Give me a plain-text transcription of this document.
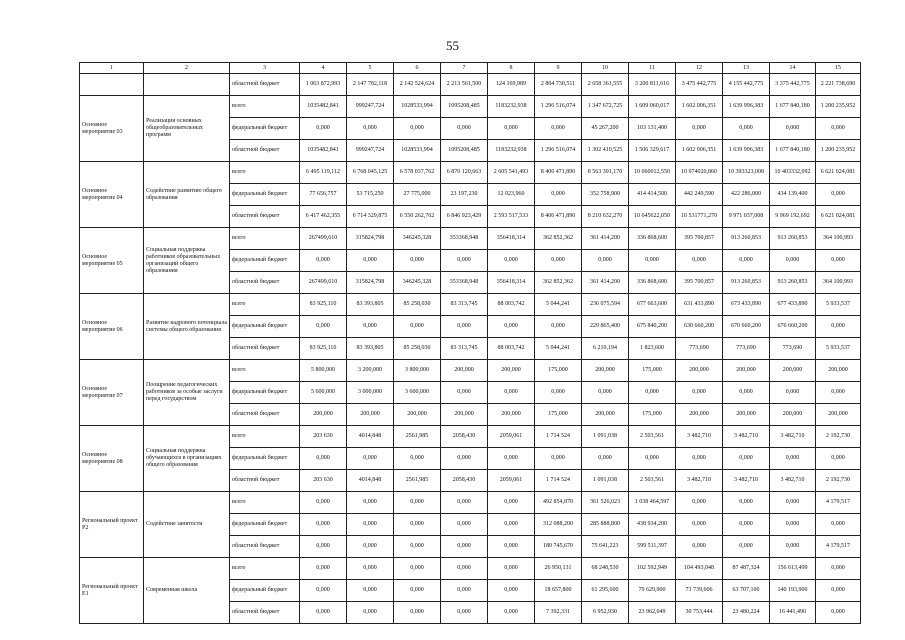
55
1	2	3	4	5	6	7	8	9	10	11	12	13	14	15
		областной бюджет	1 063 872,993	2 147 782,118	2 142 524,624	2 213 561,500	124 169,989	2 804 730,511	2 658 361,555	3 200 811,616	3 475 442,775	4 155 442,775	3 375 442,775	2 221 738,690
Основное мероприятие 03	Реализация основных общеобразовательных программ	всего	1035482,841	999247,724	1028533,994	1095208,485	1183232,938	1 296 516,074	1 347 672,725	1 609 060,017	1 602 006,351	1 639 996,383	1 677 840,180	1 200 235,952
		федеральный бюджет	0,000	0,000	0,000	0,000	0,000	0,000	45 267,200	103 131,400	0,000	0,000	0,000	0,000
		областной бюджет	1035482,841	999247,724	1028533,994	1095208,485	1183232,938	1 296 516,074	1 302 410,525	1 506 329,617	1 602 006,351	1 639 996,383	1 677 840,180	1 200 235,952
Основное мероприятие 04	Содействие развитию общего образования	всего	6 495 119,112	6 768 045,125	6 578 037,762	6 870 120,663	2 605 541,493	8 406 471,890	8 563 391,170	10 060012,550	10 974020,860	10 393323,008	10 403332,092	6 621 024,081
		федеральный бюджет	77 656,757	53 715,250	27 775,000	23 197,230	12 023,960	0,000	352 758,900	414 414,500	442 249,590	422 286,000	434 139,400	0,000
		областной бюджет	6 417 462,355	6 714 329,875	6 550 262,762	6 846 923,429	2 593 517,533	8 406 471,890	8 210 632,270	10 645622,050	10 531771,270	9 971 037,008	9 969 192,692	6 621 024,081
Основное мероприятие 05	Социальная поддержка работников образовательных организаций общего образования	всего	267499,610	315824,798	346245,328	353368,948	356418,314	362 852,362	361 414,200	336 868,600	395 700,857	913 260,853	913 260,853	364 100,993
		федеральный бюджет	0,000	0,000	0,000	0,000	0,000	0,000	0,000	0,000	0,000	0,000	0,000	0,000
		областной бюджет	267499,610	315824,798	346245,328	353368,948	356418,314	362 852,362	361 414,200	336 868,600	395 700,857	913 260,853	913 260,853	364 100,993
Основное мероприятие 06	Развитие кадрового потенциала системы общего образования	всего	83 925,110	83 393,805	85 258,030	83 313,745	88 003,742	5 044,241	236 075,594	677 663,600	631 433,890	673 433,890	677 433,890	5 933,537
		федеральный бюджет	0,000	0,000	0,000	0,000	0,000	0,000	229 865,400	675 840,200	630 660,200	670 660,200	676 660,200	0,000
		областной бюджет	83 925,110	83 393,805	85 258,030	83 313,745	88 003,742	5 044,241	6 210,194	1 823,600	773,690	773,690	773,690	5 933,537
Основное мероприятие 07	Поощрение педагогических работников за особые заслуги перед государством	всего	5 800,000	3 200,000	3 800,000	200,000	200,000	175,000	200,000	175,000	200,000	200,000	200,000	200,000
		федеральный бюджет	5 600,000	3 000,000	3 600,000	0,000	0,000	0,000	0,000	0,000	0,000	0,000	0,000	0,000
		областной бюджет	200,000	200,000	200,000	200,000	200,000	175,000	200,000	175,000	200,000	200,000	200,000	200,000
Основное мероприятие 08	Социальная поддержка обучающихся в организациях общего образования	всего	203 630	4014,848	2561,985	2058,430	2059,061	1 714 524	1 091,038	2 503,561	3 482,710	3 482,710	3 482,710	2 192,730
		федеральный бюджет	0,000	0,000	0,000	0,000	0,000	0,000	0,000	0,000	0,000	0,000	0,000	0,000
		областной бюджет	203 630	4014,848	2561,985	2058,430	2059,061	1 714 524	1 091,038	2 503,561	3 482,710	3 482,710	3 482,710	2 192,730
Региональный проект Р2	Содействие занятости	всего	0,000	0,000	0,000	0,000	0,000	492 854,870	361 526,023	1 038 464,597	0,000	0,000	0,000	4 179,517
		федеральный бюджет	0,000	0,000	0,000	0,000	0,000	312 088,200	285 888,800	438 934,200	0,000	0,000	0,000	0,000
		областной бюджет	0,000	0,000	0,000	0,000	0,000	180 745,670	75 641,223	599 511,397	0,000	0,000	0,000	4 179,517
Региональный проект Е1	Современная школа	всего	0,000	0,000	0,000	0,000	0,000	26 950,131	68 248,530	102 592,949	104 493,048	87 487,324	156 613,499	0,000
		федеральный бюджет	0,000	0,000	0,000	0,000	0,000	18 657,800	61 295,600	79 629,900	73 739,606	63 707,100	140 193,900	0,000
		областной бюджет	0,000	0,000	0,000	0,000	0,000	7 392,331	6 952,930	23 962,049	30 753,444	23 480,224	16 441,490	0,000
